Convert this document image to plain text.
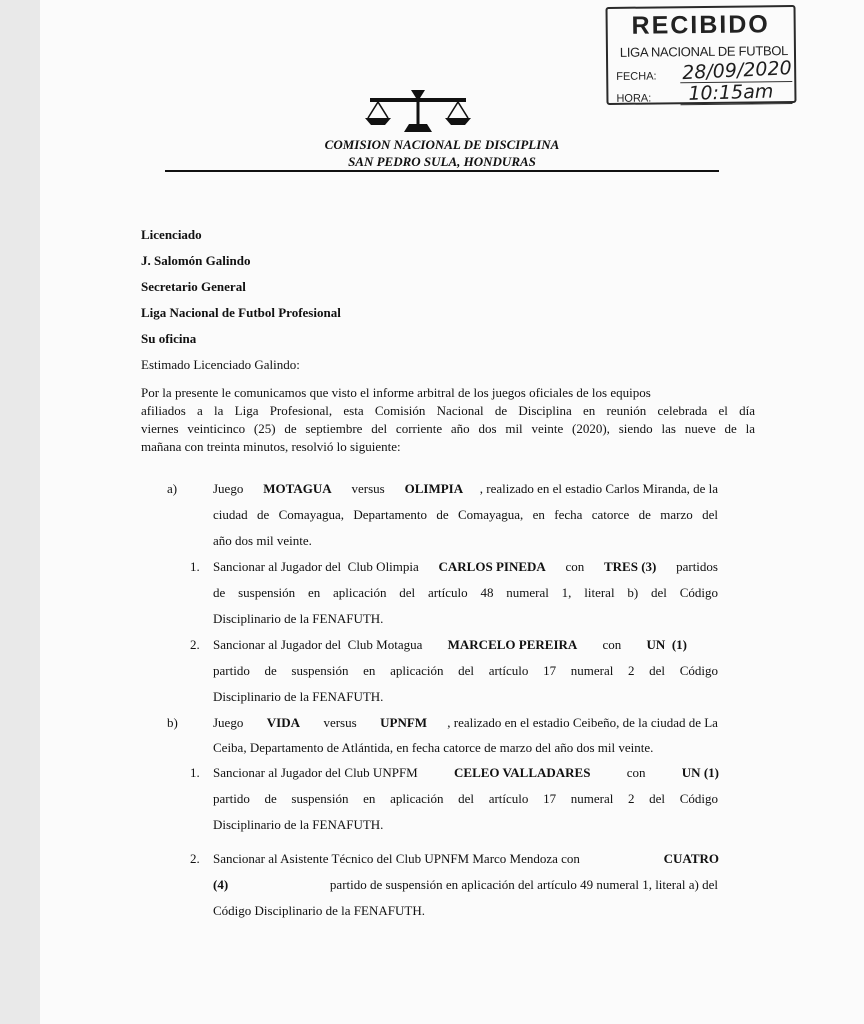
RECIBIDO
LIGA NACIONAL DE FUTBOL
FECHA: 28/09/2020
HORA: 10:15am
COMISION NACIONAL DE DISCIPLINA
SAN PEDRO SULA, HONDURAS
Licenciado
J. Salomón Galindo
Secretario General
Liga Nacional de Futbol Profesional
Su oficina
Estimado Licenciado Galindo:
Por la presente le comunicamos que visto el informe arbitral de los juegos oficiales de los equipos
afiliados a la Liga Profesional, esta Comisión Nacional de Disciplina en reunión celebrada el día
viernes veinticinco (25) de septiembre del corriente año dos mil veinte (2020), siendo las nueve de la
mañana con treinta minutos, resolvió lo siguiente:
a)	Juego MOTAGUA versus OLIMPIA , realizado en el estadio Carlos Miranda, de la
ciudad de Comayagua, Departamento de Comayagua, en fecha catorce de marzo del
año dos mil veinte.
1. Sancionar al Jugador del  Club Olimpia CARLOS PINEDA con TRES (3) partidos
de suspensión en aplicación del artículo 48 numeral 1, literal b) del Código
Disciplinario de la FENAFUTH.
2. Sancionar al Jugador del  Club Motagua MARCELO PEREIRA con UN  (1)
partido de suspensión en aplicación del artículo 17 numeral 2 del Código
Disciplinario de la FENAFUTH.
b)	Juego VIDA versus UPNFM , realizado en el estadio Ceibeño, de la ciudad de La
Ceiba, Departamento de Atlántida, en fecha catorce de marzo del año dos mil veinte.
1. Sancionar al Jugador del Club UNPFM	CELEO VALLADARES	con	UN (1)
partido de suspensión en aplicación del artículo 17 numeral 2 del Código
Disciplinario de la FENAFUTH.
2. Sancionar al Asistente Técnico del Club UPNFM Marco Mendoza con	CUATRO
(4)	partido de suspensión en aplicación del artículo 49 numeral 1, literal a) del
Código Disciplinario de la FENAFUTH.
